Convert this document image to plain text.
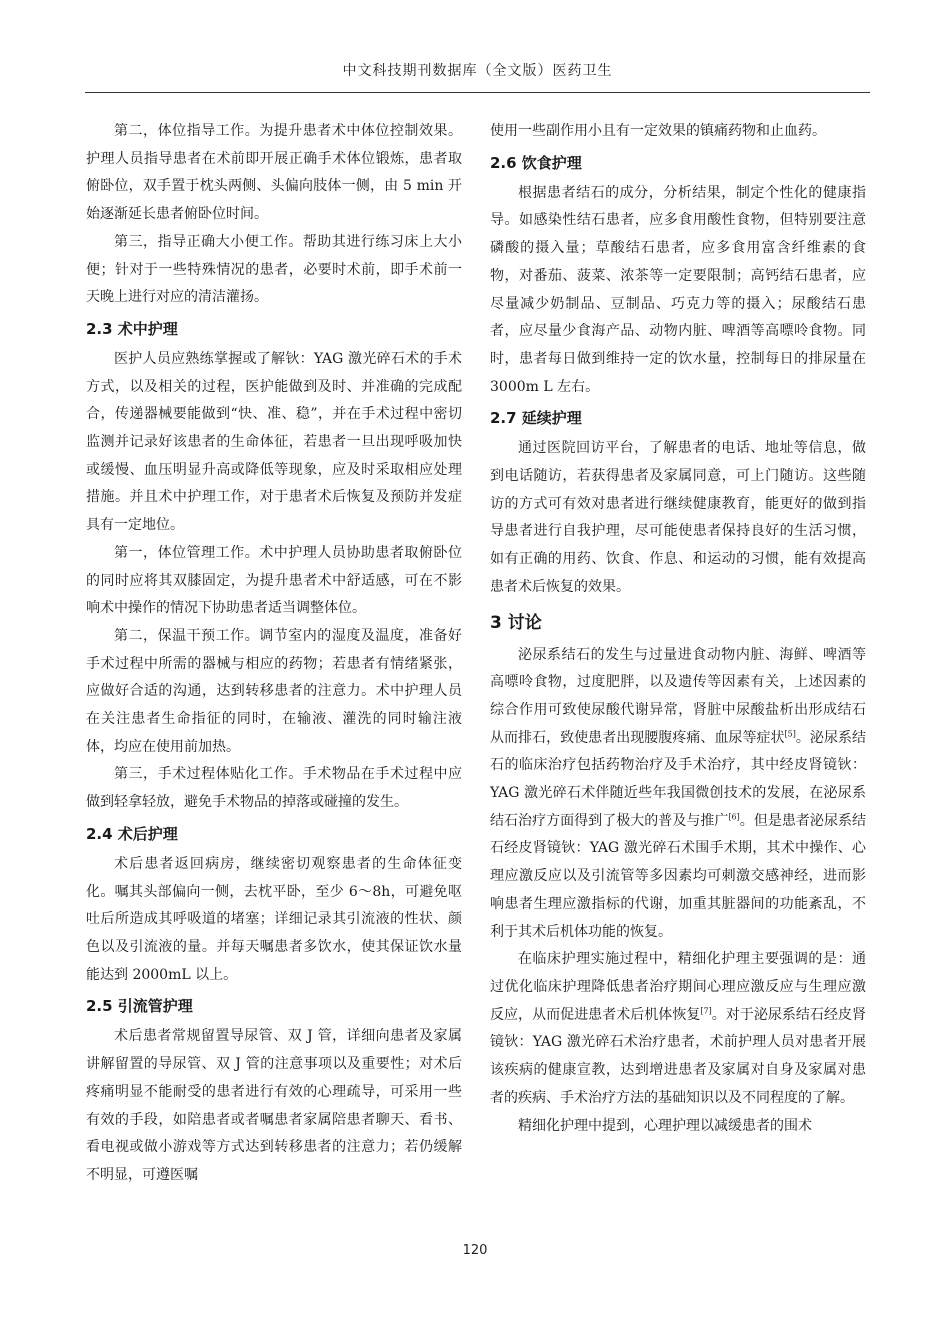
中文科技期刊数据库（全文版）医药卫生

第二，体位指导工作。为提升患者术中体位控制效果。护理人员指导患者在术前即开展正确手术体位锻炼，患者取俯卧位，双手置于枕头两侧、头偏向肢体一侧，由 5 min 开始逐渐延长患者俯卧位时间。

第三，指导正确大小便工作。帮助其进行练习床上大小便；针对于一些特殊情况的患者，必要时术前，即手术前一天晚上进行对应的清洁灌扬。

2.3 术中护理

医护人员应熟练掌握或了解钬：YAG 激光碎石术的手术方式，以及相关的过程，医护能做到及时、并准确的完成配合，传递器械要能做到“快、准、稳”，并在手术过程中密切监测并记录好该患者的生命体征，若患者一旦出现呼吸加快或缓慢、血压明显升高或降低等现象，应及时采取相应处理措施。并且术中护理工作，对于患者术后恢复及预防并发症具有一定地位。

第一，体位管理工作。术中护理人员协助患者取俯卧位的同时应将其双膝固定，为提升患者术中舒适感，可在不影响术中操作的情况下协助患者适当调整体位。

第二，保温干预工作。调节室内的湿度及温度，准备好手术过程中所需的器械与相应的药物；若患者有情绪紧张，应做好合适的沟通，达到转移患者的注意力。术中护理人员在关注患者生命指征的同时，在输液、灌洗的同时输注液体，均应在使用前加热。

第三，手术过程体贴化工作。手术物品在手术过程中应做到轻拿轻放，避免手术物品的掉落或碰撞的发生。

2.4 术后护理

术后患者返回病房，继续密切观察患者的生命体征变化。嘱其头部偏向一侧，去枕平卧，至少 6～8h，可避免呕吐后所造成其呼吸道的堵塞；详细记录其引流液的性状、颜色以及引流液的量。并每天嘱患者多饮水，使其保证饮水量能达到 2000mL 以上。

2.5 引流管护理

术后患者常规留置导尿管、双 J 管，详细向患者及家属讲解留置的导尿管、双 J 管的注意事项以及重要性；对术后疼痛明显不能耐受的患者进行有效的心理疏导，可采用一些有效的手段，如陪患者或者嘱患者家属陪患者聊天、看书、看电视或做小游戏等方式达到转移患者的注意力；若仍缓解不明显，可遵医嘱

使用一些副作用小且有一定效果的镇痛药物和止血药。

2.6 饮食护理

根据患者结石的成分，分析结果，制定个性化的健康指导。如感染性结石患者，应多食用酸性食物，但特别要注意磷酸的摄入量；草酸结石患者，应多食用富含纤维素的食物，对番茄、菠菜、浓茶等一定要限制；高钙结石患者，应尽量减少奶制品、豆制品、巧克力等的摄入；尿酸结石患者，应尽量少食海产品、动物内脏、啤酒等高嘌呤食物。同时，患者每日做到维持一定的饮水量，控制每日的排尿量在 3000m L 左右。

2.7 延续护理

通过医院回访平台，了解患者的电话、地址等信息，做到电话随访，若获得患者及家属同意，可上门随访。这些随访的方式可有效对患者进行继续健康教育，能更好的做到指导患者进行自我护理，尽可能使患者保持良好的生活习惯，如有正确的用药、饮食、作息、和运动的习惯，能有效提高患者术后恢复的效果。

3 讨论

泌尿系结石的发生与过量进食动物内脏、海鲜、啤酒等高嘌呤食物，过度肥胖，以及遗传等因素有关，上述因素的综合作用可致使尿酸代谢异常，肾脏中尿酸盐析出形成结石从而排石，致使患者出现腰腹疼痛、血尿等症状[5]。泌尿系结石的临床治疗包括药物治疗及手术治疗，其中经皮肾镜钬：YAG 激光碎石术伴随近些年我国微创技术的发展，在泌尿系结石治疗方面得到了极大的普及与推广[6]。但是患者泌尿系结石经皮肾镜钬：YAG 激光碎石术围手术期，其术中操作、心理应激反应以及引流管等多因素均可刺激交感神经，进而影响患者生理应激指标的代谢，加重其脏器间的功能紊乱，不利于其术后机体功能的恢复。

在临床护理实施过程中，精细化护理主要强调的是：通过优化临床护理降低患者治疗期间心理应激反应与生理应激反应，从而促进患者术后机体恢复[7]。对于泌尿系结石经皮肾镜钬：YAG 激光碎石术治疗患者，术前护理人员对患者开展该疾病的健康宣教，达到增进患者及家属对自身及家属对患者的疾病、手术治疗方法的基础知识以及不同程度的了解。

精细化护理中提到，心理护理以减缓患者的围术

120
